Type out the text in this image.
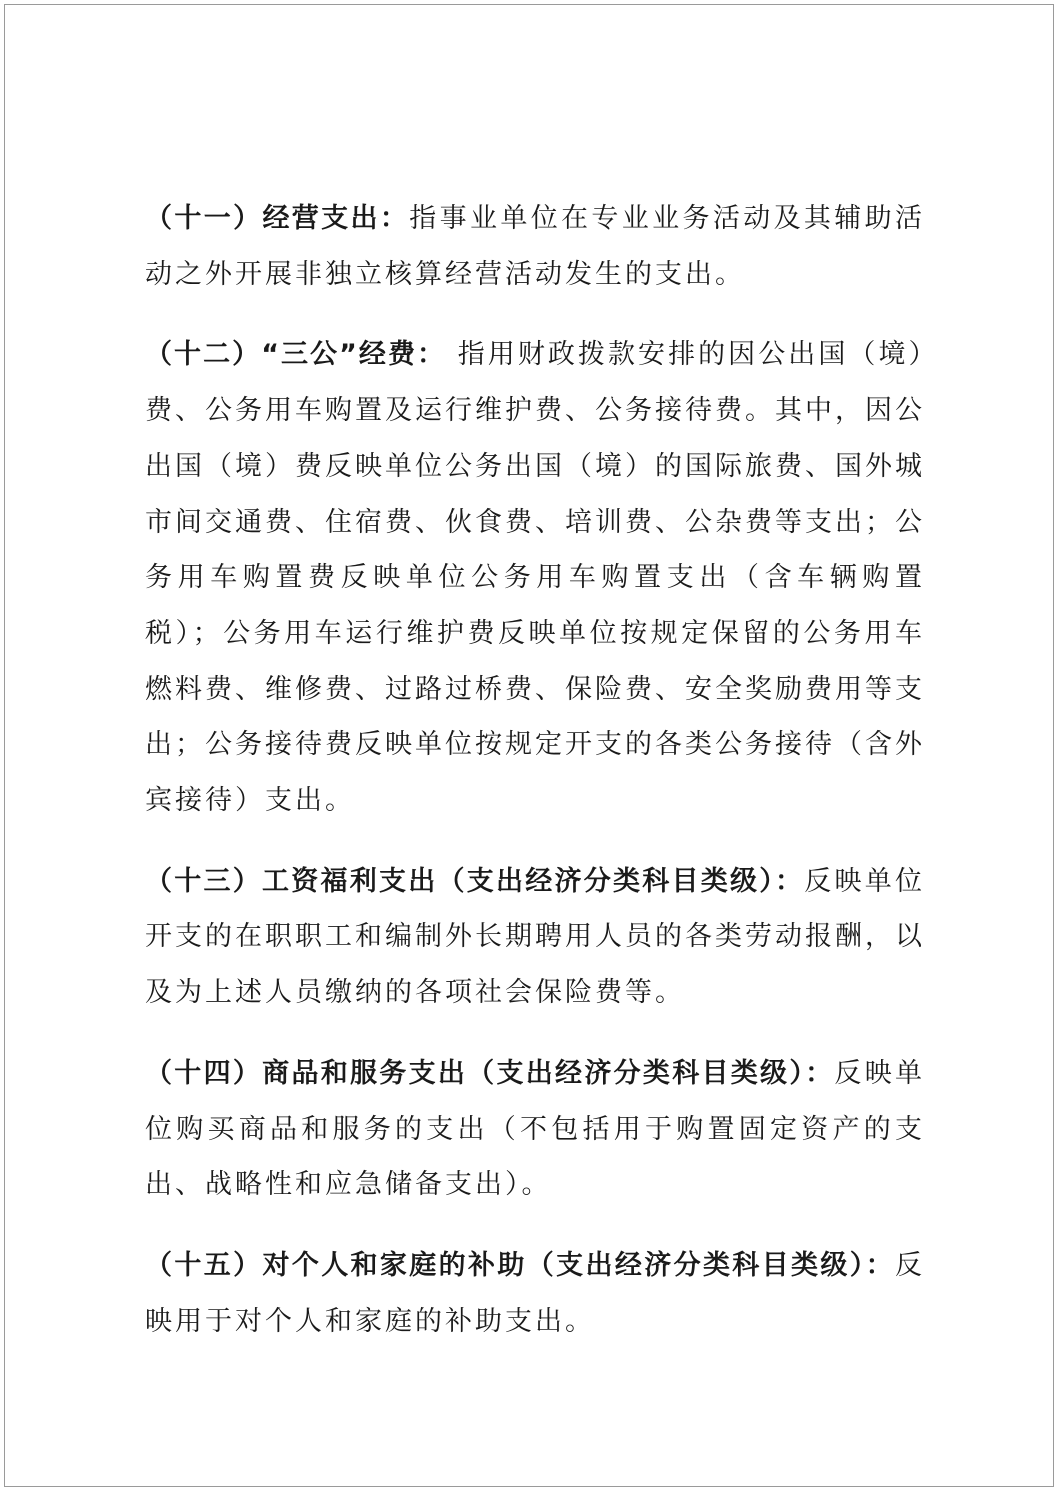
（十一）经营支出：指事业单位在专业业务活动及其辅助活动之外开展非独立核算经营活动发生的支出。

（十二）“三公”经费： 指用财政拨款安排的因公出国（境）费、公务用车购置及运行维护费、公务接待费。其中，因公出国（境）费反映单位公务出国（境）的国际旅费、国外城市间交通费、住宿费、伙食费、培训费、公杂费等支出；公务用车购置费反映单位公务用车购置支出（含车辆购置税）；公务用车运行维护费反映单位按规定保留的公务用车 燃料费、维修费、过路过桥费、保险费、安全奖励费用等支出；公务接待费反映单位按规定开支的各类公务接待（含外宾接待）支出。

（十三）工资福利支出（支出经济分类科目类级）：反映单位开支的在职职工和编制外长期聘用人员的各类劳动报酬，以及为上述人员缴纳的各项社会保险费等。

（十四）商品和服务支出（支出经济分类科目类级）：反映单位购买商品和服务的支出（不包括用于购置固定资产的支出、战略性和应急储备支出）。

（十五）对个人和家庭的补助（支出经济分类科目类级）：反映用于对个人和家庭的补助支出。
